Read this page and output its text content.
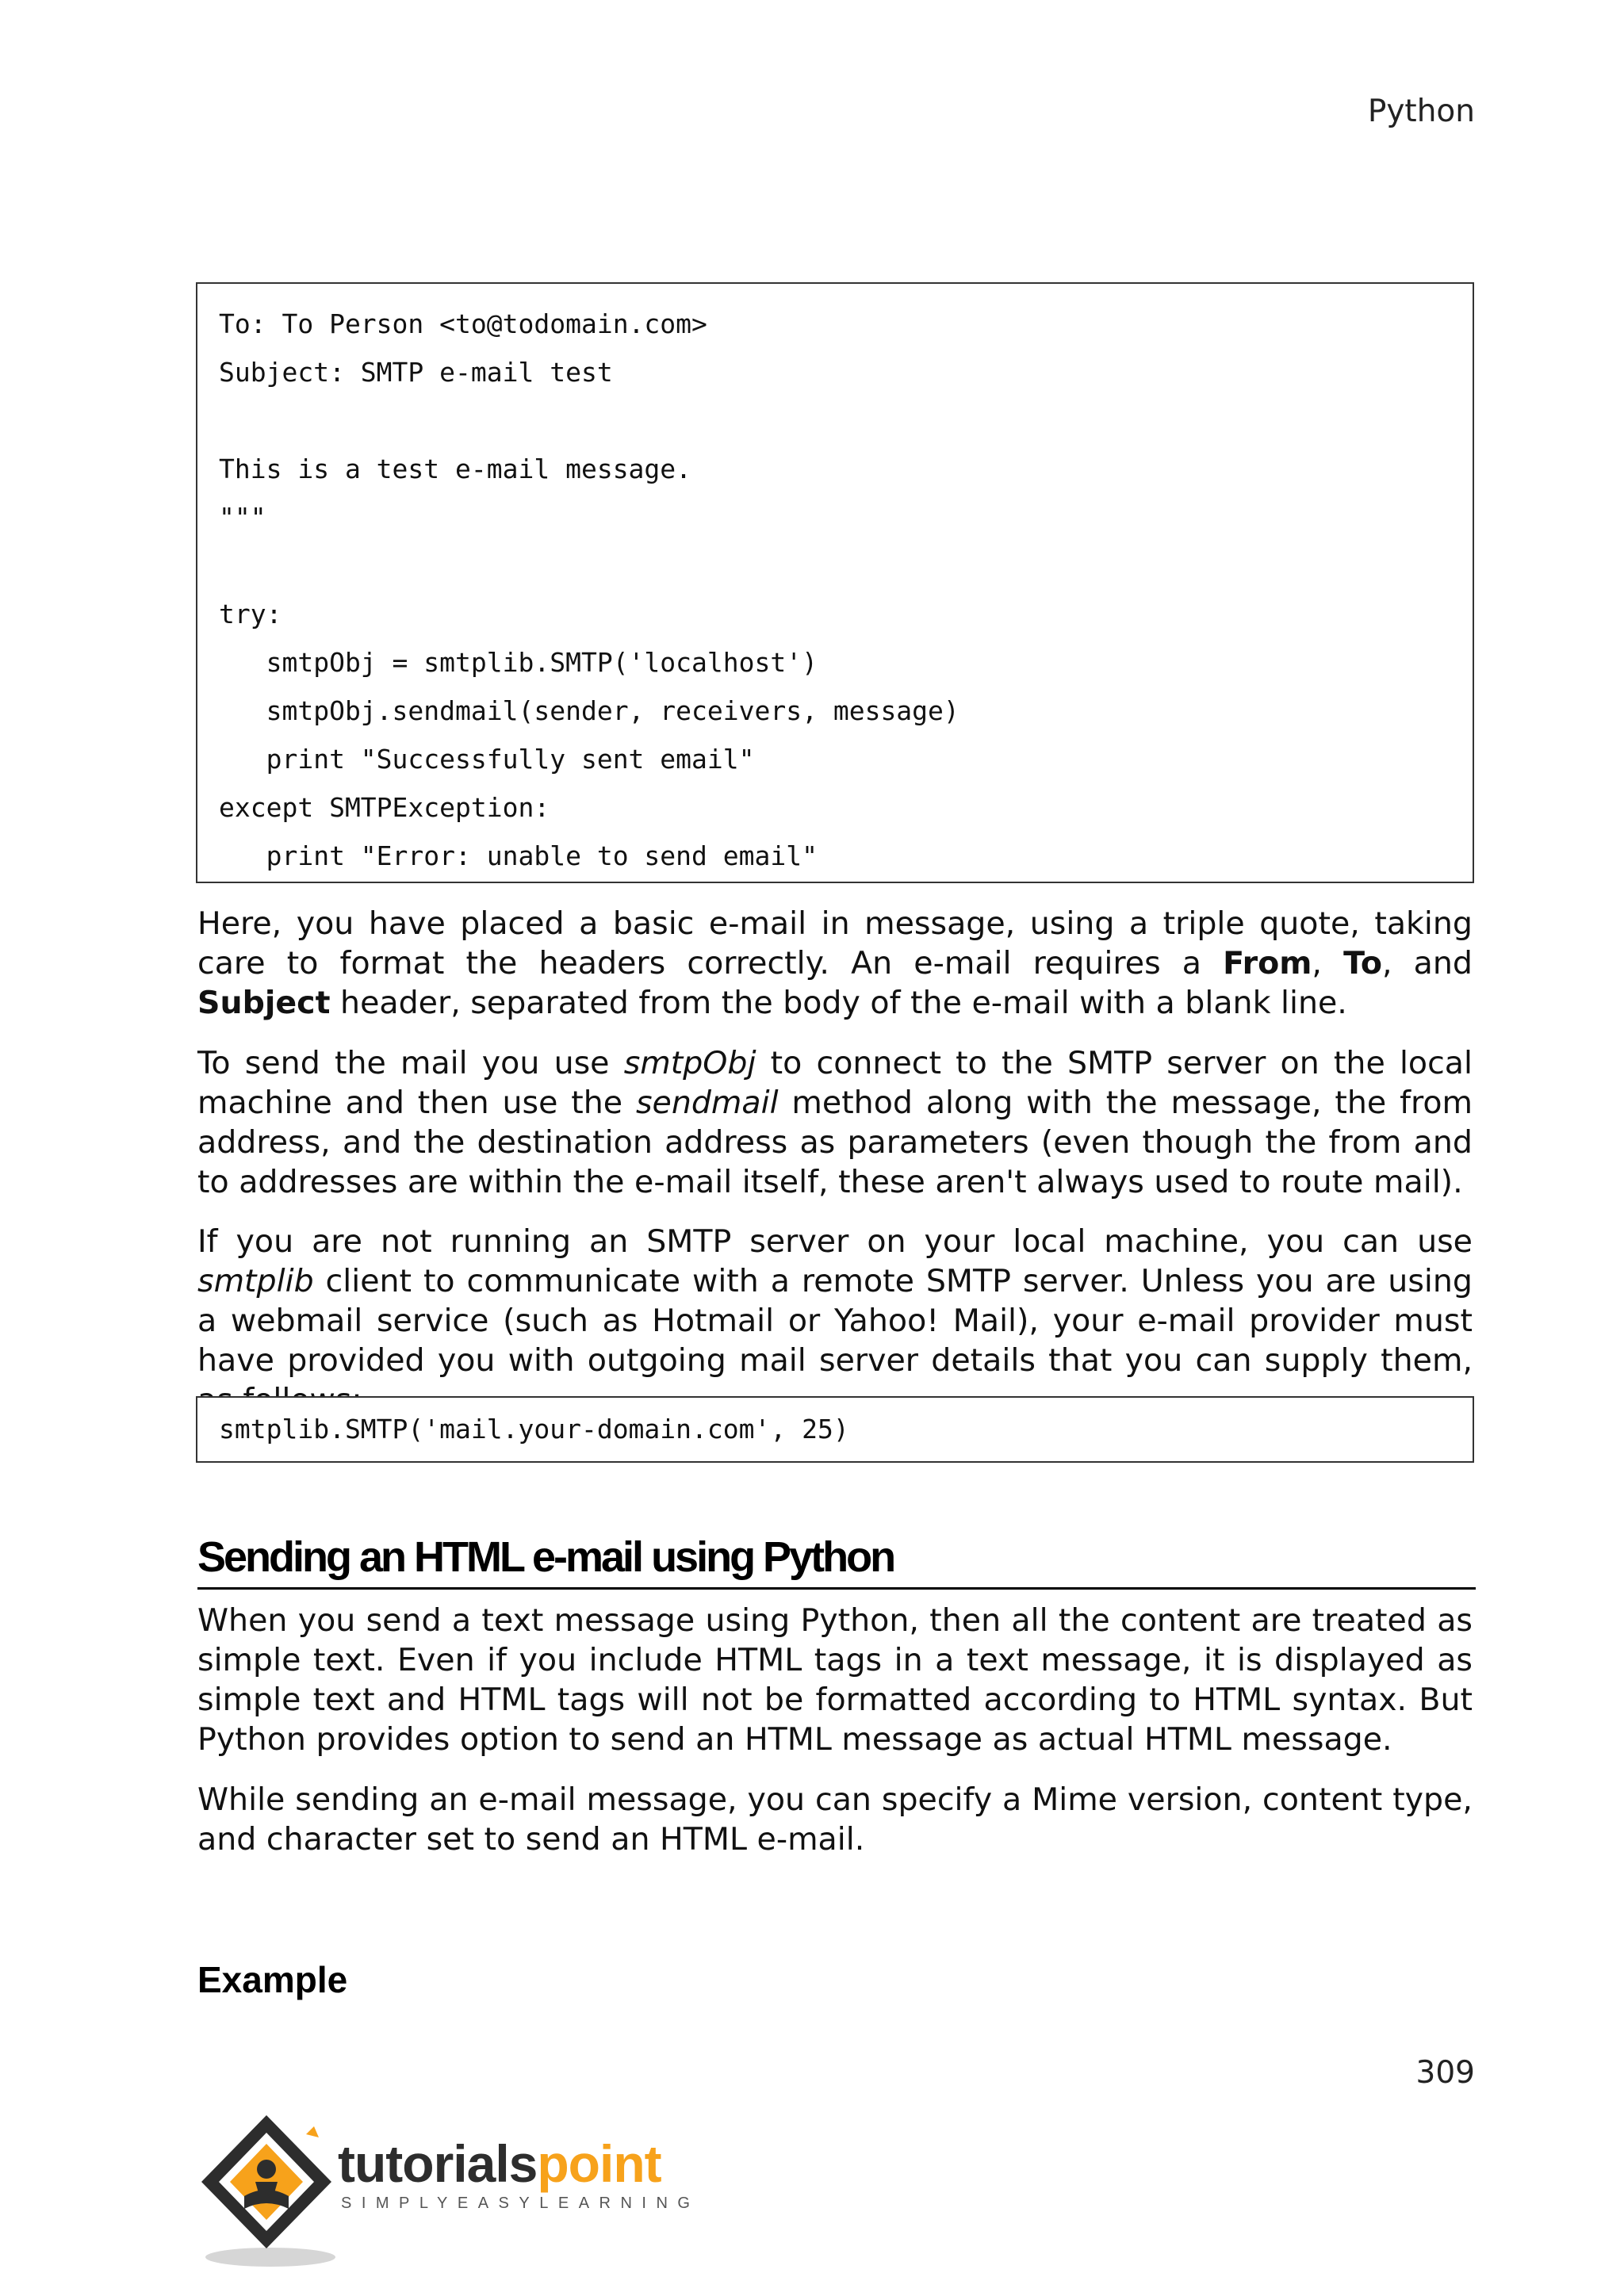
Python
To: To Person <to@todomain.com>
Subject: SMTP e-mail test
This is a test e-mail message.
"""
try:
smtpObj = smtplib.SMTP('localhost')
smtpObj.sendmail(sender, receivers, message)
print "Successfully sent email"
except SMTPException:
print "Error: unable to send email"

Here, you have placed a basic e-mail in message, using a triple quote, taking care to format the headers correctly. An e-mail requires a From, To, and Subject header, separated from the body of the e-mail with a blank line.

To send the mail you use smtpObj to connect to the SMTP server on the local machine and then use the sendmail method along with the message, the from address, and the destination address as parameters (even though the from and to addresses are within the e-mail itself, these aren't always used to route mail).

If you are not running an SMTP server on your local machine, you can use smtplib client to communicate with a remote SMTP server. Unless you are using a webmail service (such as Hotmail or Yahoo! Mail), your e-mail provider must have provided you with outgoing mail server details that you can supply them,

smtplib.SMTP('mail.your-domain.com', 25)
Sending an HTML e-mail using Python

When you send a text message using Python, then all the content are treated as simple text. Even if you include HTML tags in a text message, it is displayed as simple text and HTML tags will not be formatted according to HTML syntax. But Python provides option to send an HTML message as actual HTML message.

While sending an e-mail message, you can specify a Mime version, content type, and character set to send an HTML e-mail.

Example
309
tutorialspoint
SIMPLYEASYLEARNING
